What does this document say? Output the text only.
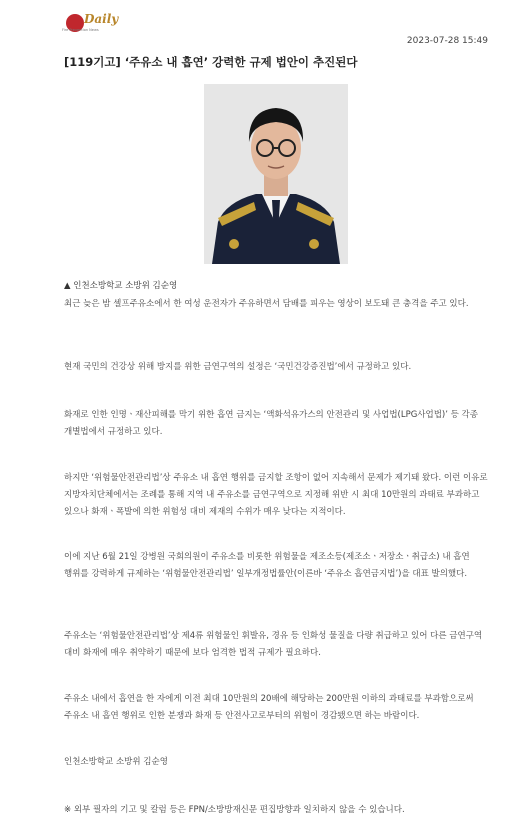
Daily
Fire Prevention News
2023-07-28 15:49
[119기고] ‘주유소 내 흡연’ 강력한 규제 법안이 추진된다
▲ 인천소방학교 소방위 김순영

최근 늦은 밤 셀프주유소에서 한 여성 운전자가 주유하면서 담배를 피우는 영상이 보도돼 큰 충격을 주고 있다.

현재 국민의 건강상 위해 방지를 위한 금연구역의 설정은 ‘국민건강증진법’에서 규정하고 있다.

화재로 인한 인명ㆍ재산피해를 막기 위한 흡연 금지는 ‘액화석유가스의 안전관리 및 사업법(LPG사업법)’ 등 각종 개별법에서 규정하고 있다.

하지만 ‘위험물안전관리법’상 주유소 내 흡연 행위를 금지할 조항이 없어 지속해서 문제가 제기돼 왔다. 이런 이유로 지방자치단체에서는 조례를 통해 지역 내 주유소를 금연구역으로 지정해 위반 시 최대 10만원의 과태료 부과하고 있으나 화재ㆍ폭발에 의한 위험성 대비 제재의 수위가 매우 낮다는 지적이다.

이에 지난 6월 21일 강병원 국회의원이 주유소를 비롯한 위험물을 제조소등(제조소ㆍ저장소ㆍ취급소) 내 흡연 행위를 강력하게 규제하는 ‘위험물안전관리법’ 일부개정법률안(이른바 ‘주유소 흡연금지법’)을 대표 발의했다.

주유소는 ‘위험물안전관리법’상 제4류 위험물인 휘발유, 경유 등 인화성 물질을 다량 취급하고 있어 다른 금연구역 대비 화재에 매우 취약하기 때문에 보다 엄격한 법적 규제가 필요하다.

주유소 내에서 흡연을 한 자에게 이전 최대 10만원의 20배에 해당하는 200만원 이하의 과태료를 부과함으로써 주유소 내 흡연 행위로 인한 분쟁과 화재 등 안전사고로부터의 위험이 경감됐으면 하는 바람이다.

인천소방학교 소방위 김순영

※ 외부 필자의 기고 및 칼럼 등은 FPN/소방방재신문 편집방향과 일치하지 않을 수 있습니다.
